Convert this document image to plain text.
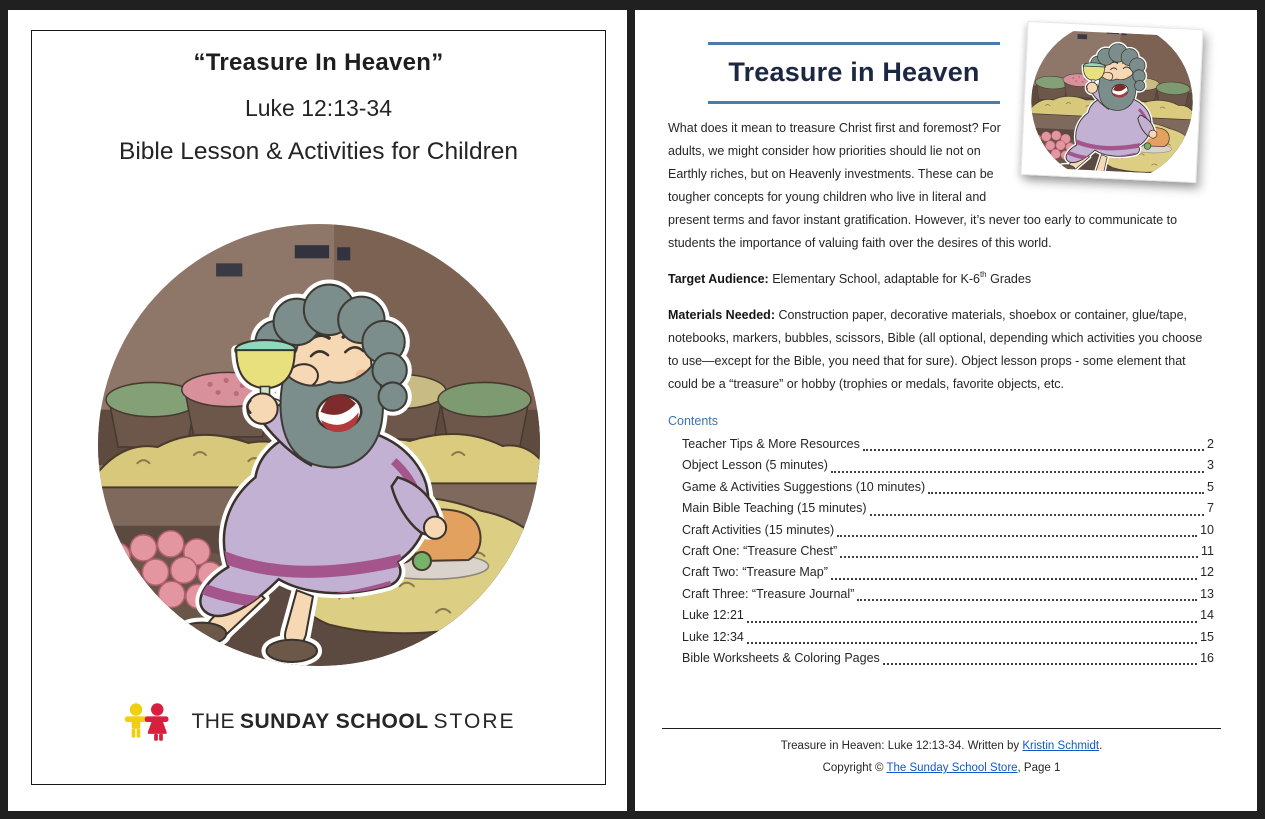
“Treasure In Heaven”
Luke 12:13-34
Bible Lesson & Activities for Children
THE SUNDAY SCHOOL STORE
Treasure in Heaven

What does it mean to treasure Christ first and foremost? For adults, we might consider how priorities should lie not on Earthly riches, but on Heavenly investments. These can be tougher concepts for young children who live in literal and present terms and favor instant gratification. However, it’s never too early to communicate to students the importance of valuing faith over the desires of this world.

Target Audience: Elementary School, adaptable for K-6th Grades

Materials Needed: Construction paper, decorative materials, shoebox or container, glue/tape, notebooks, markers, bubbles, scissors, Bible (all optional, depending which activities you choose to use—except for the Bible, you need that for sure). Object lesson props - some element that could be a “treasure” or hobby (trophies or medals, favorite objects, etc.

Contents
Teacher Tips & More Resources	2
Object Lesson (5 minutes)	3
Game & Activities Suggestions (10 minutes)	5
Main Bible Teaching (15 minutes)	7
Craft Activities (15 minutes)	10
Craft One: “Treasure Chest”	11
Craft Two: “Treasure Map”	12
Craft Three: “Treasure Journal”	13
Luke 12:21	14
Luke 12:34	15
Bible Worksheets & Coloring Pages	16
Treasure in Heaven: Luke 12:13-34. Written by Kristin Schmidt.
Copyright © The Sunday School Store, Page 1
